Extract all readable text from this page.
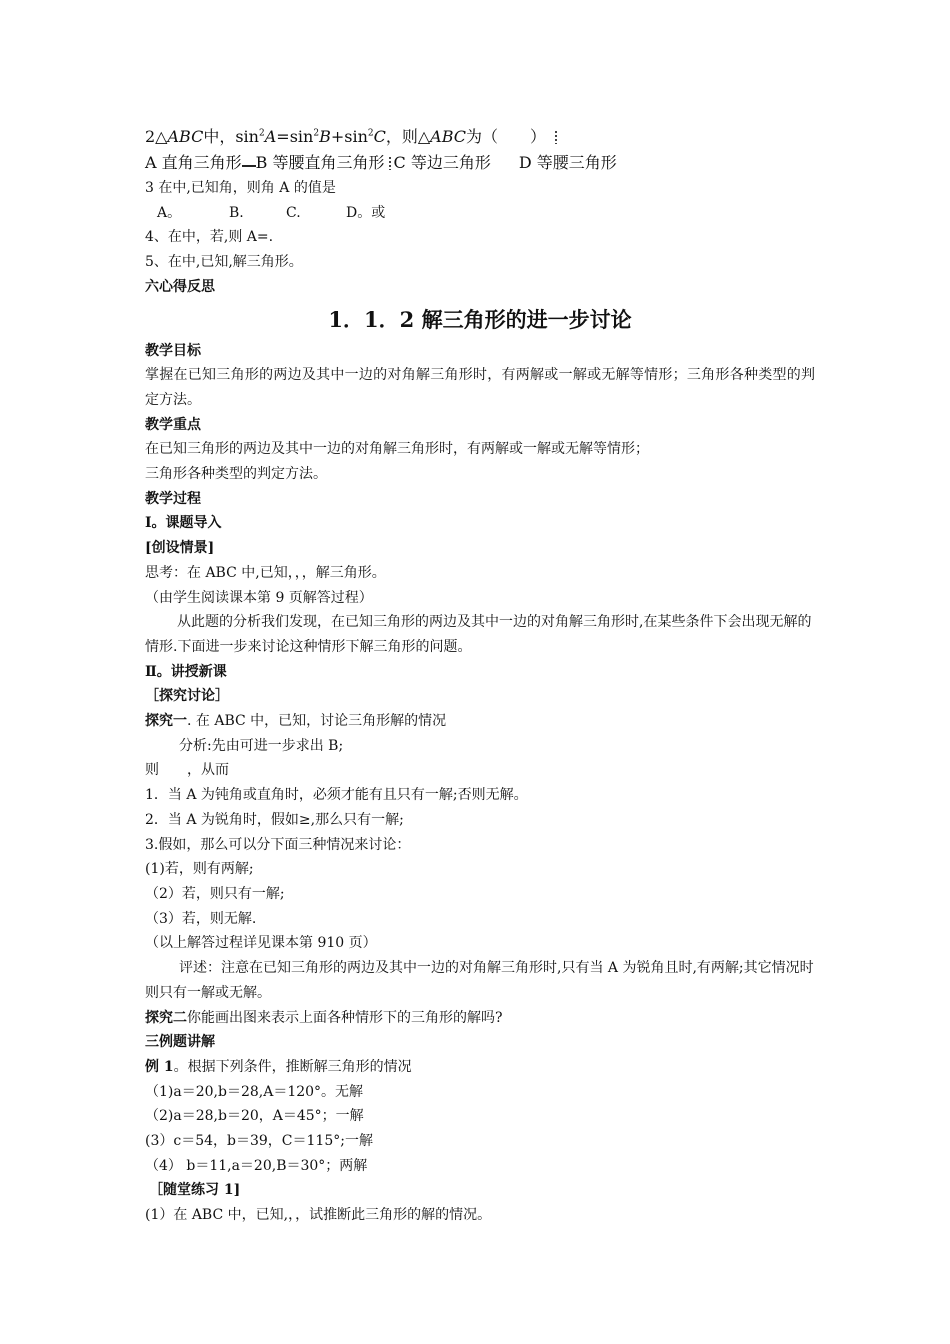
2△ABC中，$\sin^2A=\sin^2B+\sin^2C$，则△ABC为（　　）
A 直角三角形 B 等腰直角三角形 C 等边三角形 D 等腰三角形
3 在中,已知角，则角 A 的值是
A。	B.	C.	D。或
4、在中，若,则 A=.
5、在中,已知,解三角形。
六心得反思
1．1．2 解三角形的进一步讨论
教学目标
掌握在已知三角形的两边及其中一边的对角解三角形时，有两解或一解或无解等情形；三角形各种类型的判定方法。
教学重点
在已知三角形的两边及其中一边的对角解三角形时，有两解或一解或无解等情形；
三角形各种类型的判定方法。
教学过程
Ⅰ。课题导入
[创设情景]
思考：在 ABC 中,已知，，，解三角形。
（由学生阅读课本第 9 页解答过程）
从此题的分析我们发现，在已知三角形的两边及其中一边的对角解三角形时,在某些条件下会出现无解的情形.下面进一步来讨论这种情形下解三角形的问题。
Ⅱ。讲授新课
［探究讨论］
探究一. 在 ABC 中，已知，讨论三角形解的情况
分析:先由可进一步求出 B;
则　　，从而
1．当 A 为钝角或直角时，必须才能有且只有一解;否则无解。
2．当 A 为锐角时，假如≥,那么只有一解;
3.假如，那么可以分下面三种情况来讨论：
(1)若，则有两解;
（2）若，则只有一解;
（3）若，则无解.
（以上解答过程详见课本第 910 页）
评述：注意在已知三角形的两边及其中一边的对角解三角形时,只有当 A 为锐角且时,有两解;其它情况时则只有一解或无解。
探究二你能画出图来表示上面各种情形下的三角形的解吗?
三例题讲解
例 1。根据下列条件，推断解三角形的情况
（1)a＝20,b＝28,A＝120°。无解
（2)a＝28,b＝20，A＝45°；一解
(3）c＝54，b＝39，C＝115°;一解
（4） b＝11,a＝20,B＝30°；两解
［随堂练习 1]
(1）在 ABC 中，已知,，，试推断此三角形的解的情况。
